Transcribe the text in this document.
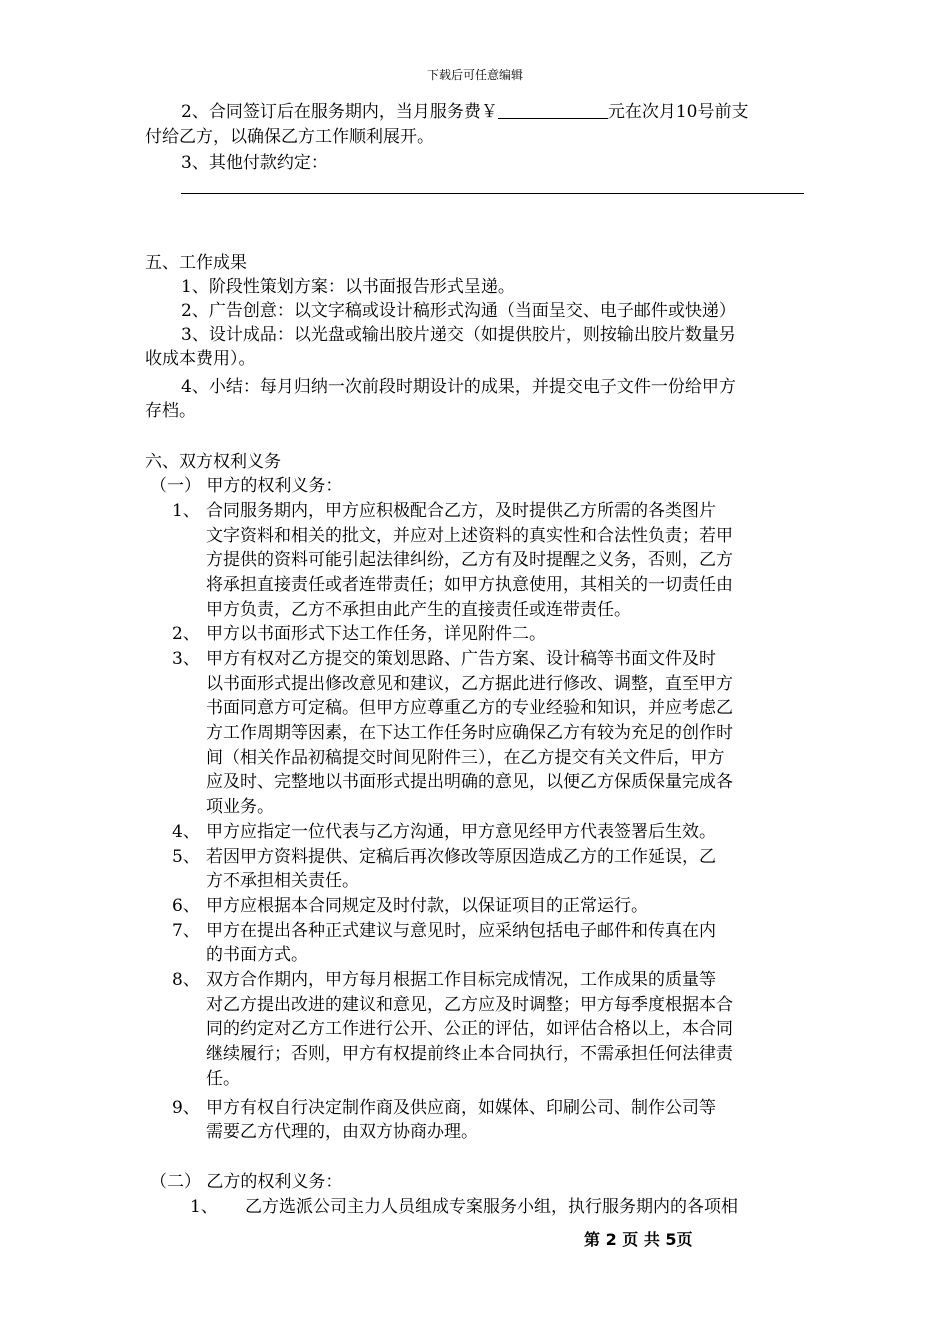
下载后可任意编辑
2、合同签订后在服务期内，当月服务费￥	元在次月10号前支
付给乙方，以确保乙方工作顺利展开。
3、其他付款约定：
五、工作成果
1、阶段性策划方案：以书面报告形式呈递。
2、广告创意：以文字稿或设计稿形式沟通（当面呈交、电子邮件或快递）
3、设计成品：以光盘或输出胶片递交（如提供胶片，则按输出胶片数量另
收成本费用）。
4、小结：每月归纳一次前段时期设计的成果，并提交电子文件一份给甲方
存档。
六、双方权利义务
（一） 甲方的权利义务：
1、 合同服务期内，甲方应积极配合乙方，及时提供乙方所需的各类图片
文字资料和相关的批文，并应对上述资料的真实性和合法性负责；若甲
方提供的资料可能引起法律纠纷，乙方有及时提醒之义务，否则，乙方
将承担直接责任或者连带责任；如甲方执意使用，其相关的一切责任由
甲方负责，乙方不承担由此产生的直接责任或连带责任。
2、 甲方以书面形式下达工作任务，详见附件二。
3、 甲方有权对乙方提交的策划思路、广告方案、设计稿等书面文件及时
以书面形式提出修改意见和建议，乙方据此进行修改、调整，直至甲方
书面同意方可定稿。但甲方应尊重乙方的专业经验和知识，并应考虑乙
方工作周期等因素，在下达工作任务时应确保乙方有较为充足的创作时
间（相关作品初稿提交时间见附件三），在乙方提交有关文件后，甲方
应及时、完整地以书面形式提出明确的意见，以便乙方保质保量完成各
项业务。
4、 甲方应指定一位代表与乙方沟通，甲方意见经甲方代表签署后生效。
5、 若因甲方资料提供、定稿后再次修改等原因造成乙方的工作延误，乙
方不承担相关责任。
6、 甲方应根据本合同规定及时付款，以保证项目的正常运行。
7、 甲方在提出各种正式建议与意见时，应采纳包括电子邮件和传真在内
的书面方式。
8、 双方合作期内，甲方每月根据工作目标完成情况，工作成果的质量等
对乙方提出改进的建议和意见，乙方应及时调整；甲方每季度根据本合
同的约定对乙方工作进行公开、公正的评估，如评估合格以上，本合同
继续履行；否则，甲方有权提前终止本合同执行，不需承担任何法律责
任。
9、 甲方有权自行决定制作商及供应商，如媒体、印刷公司、制作公司等
需要乙方代理的，由双方协商办理。
（二） 乙方的权利义务：
1、 乙方选派公司主力人员组成专案服务小组，执行服务期内的各项相
第 2 页 共 5页
